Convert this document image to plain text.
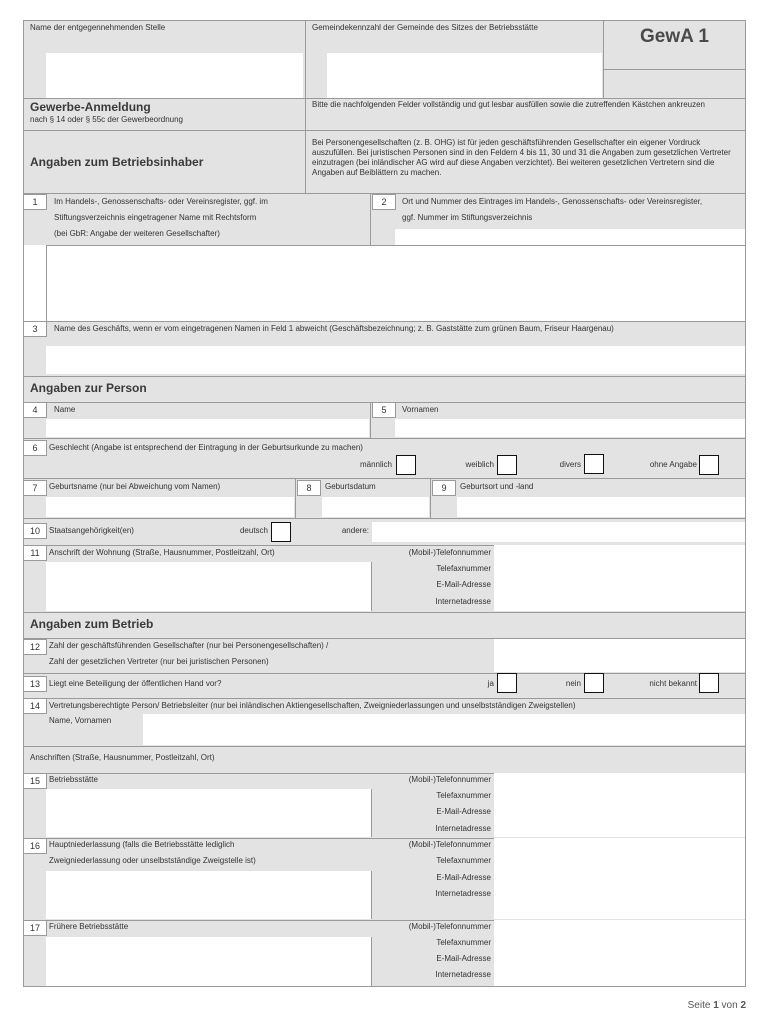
Name der entgegennehmenden Stelle	Gemeindekennzahl der Gemeinde des Sitzes der Betriebsstätte	GewA 1
Gewerbe-Anmeldung
nach § 14 oder § 55c der Gewerbeordnung
Bitte die nachfolgenden Felder vollständig und gut lesbar ausfüllen sowie die zutreffenden Kästchen ankreuzen
Angaben zum Betriebsinhaber
Bei Personengesellschaften (z. B. OHG) ist für jeden geschäftsführenden Gesellschafter ein eigener Vordruck auszufüllen. Bei juristischen Personen sind in den Feldern 4 bis 11, 30 und 31 die Angaben zum gesetzlichen Vertreter einzutragen (bei inländischer AG wird auf diese Angaben verzichtet). Bei weiteren gesetzlichen Vertretern sind die Angaben auf Beiblättern zu machen.
1	Im Handels-, Genossenschafts- oder Vereinsregister, ggf. im
Stiftungsverzeichnis eingetragener Name mit Rechtsform
(bei GbR: Angabe der weiteren Gesellschafter)
2	Ort und Nummer des Eintrages im Handels-, Genossenschafts- oder Vereinsregister,
ggf. Nummer im Stiftungsverzeichnis
3	Name des Geschäfts, wenn er vom eingetragenen Namen in Feld 1 abweicht (Geschäftsbezeichnung; z. B. Gaststätte zum grünen Baum, Friseur Haargenau)
Angaben zur Person
4	Name	5	Vornamen
6	Geschlecht (Angabe ist entsprechend der Eintragung in der Geburtsurkunde zu machen)
männlich	weiblich	divers	ohne Angabe
7	Geburtsname (nur bei Abweichung vom Namen)	8	Geburtsdatum	9	Geburtsort und -land
10	Staatsangehörigkeit(en)	deutsch	andere:
11	Anschrift der Wohnung (Straße, Hausnummer, Postleitzahl, Ort)	(Mobil-)Telefonnummer
Telefaxnummer
E-Mail-Adresse
Internetadresse
Angaben zum Betrieb
12	Zahl der geschäftsführenden Gesellschafter (nur bei Personengesellschaften) /
Zahl der gesetzlichen Vertreter (nur bei juristischen Personen)
13	Liegt eine Beteiligung der öffentlichen Hand vor?	ja	nein	nicht bekannt
14	Vertretungsberechtigte Person/ Betriebsleiter (nur bei inländischen Aktiengesellschaften, Zweigniederlassungen und unselbstständigen Zweigstellen)
Name, Vornamen
Anschriften (Straße, Hausnummer, Postleitzahl, Ort)
15	Betriebsstätte	(Mobil-)Telefonnummer
Telefaxnummer
E-Mail-Adresse
Internetadresse
16	Hauptniederlassung (falls die Betriebsstätte lediglich
Zweigniederlassung oder unselbstständige Zweigstelle ist)
(Mobil-)Telefonnummer
Telefaxnummer
E-Mail-Adresse
Internetadresse
17	Frühere Betriebsstätte	(Mobil-)Telefonnummer
Telefaxnummer
E-Mail-Adresse
Internetadresse
Seite 1 von 2
